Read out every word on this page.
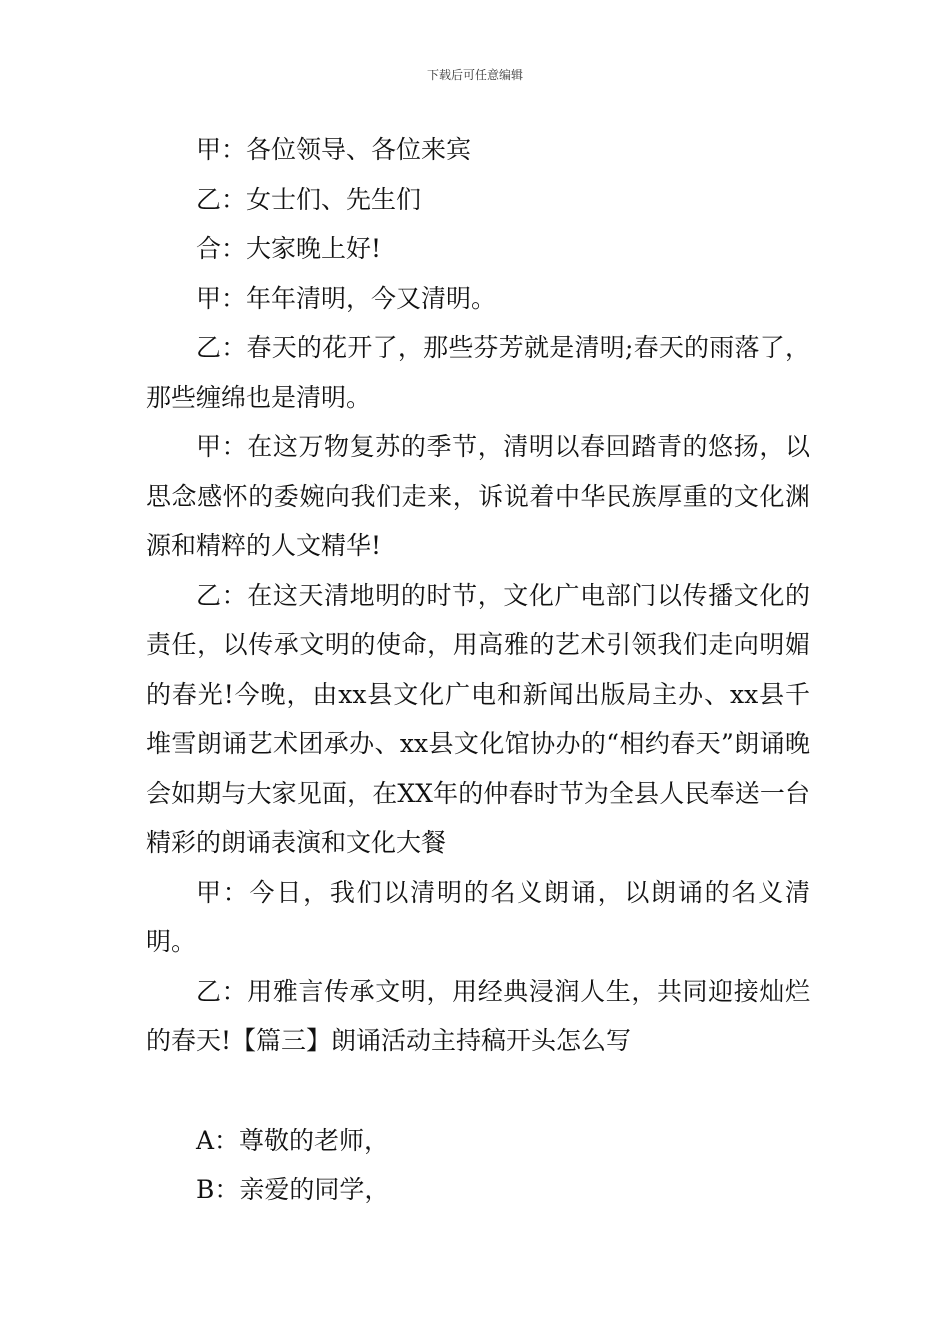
下载后可任意编辑

甲：各位领导、各位来宾

乙：女士们、先生们

合：大家晚上好!

甲：年年清明，今又清明。

乙：春天的花开了，那些芬芳就是清明;春天的雨落了，那些缠绵也是清明。

甲：在这万物复苏的季节，清明以春回踏青的悠扬，以思念感怀的委婉向我们走来，诉说着中华民族厚重的文化渊源和精粹的人文精华!

乙：在这天清地明的时节，文化广电部门以传播文化的责任，以传承文明的使命，用高雅的艺术引领我们走向明媚的春光!今晚，由xx县文化广电和新闻出版局主办、xx县千堆雪朗诵艺术团承办、xx县文化馆协办的“相约春天”朗诵晚会如期与大家见面，在XX年的仲春时节为全县人民奉送一台精彩的朗诵表演和文化大餐

甲：今日，我们以清明的名义朗诵，以朗诵的名义清明。

乙：用雅言传承文明，用经典浸润人生，共同迎接灿烂的春天!【篇三】朗诵活动主持稿开头怎么写

A：尊敬的老师，

B：亲爱的同学，
